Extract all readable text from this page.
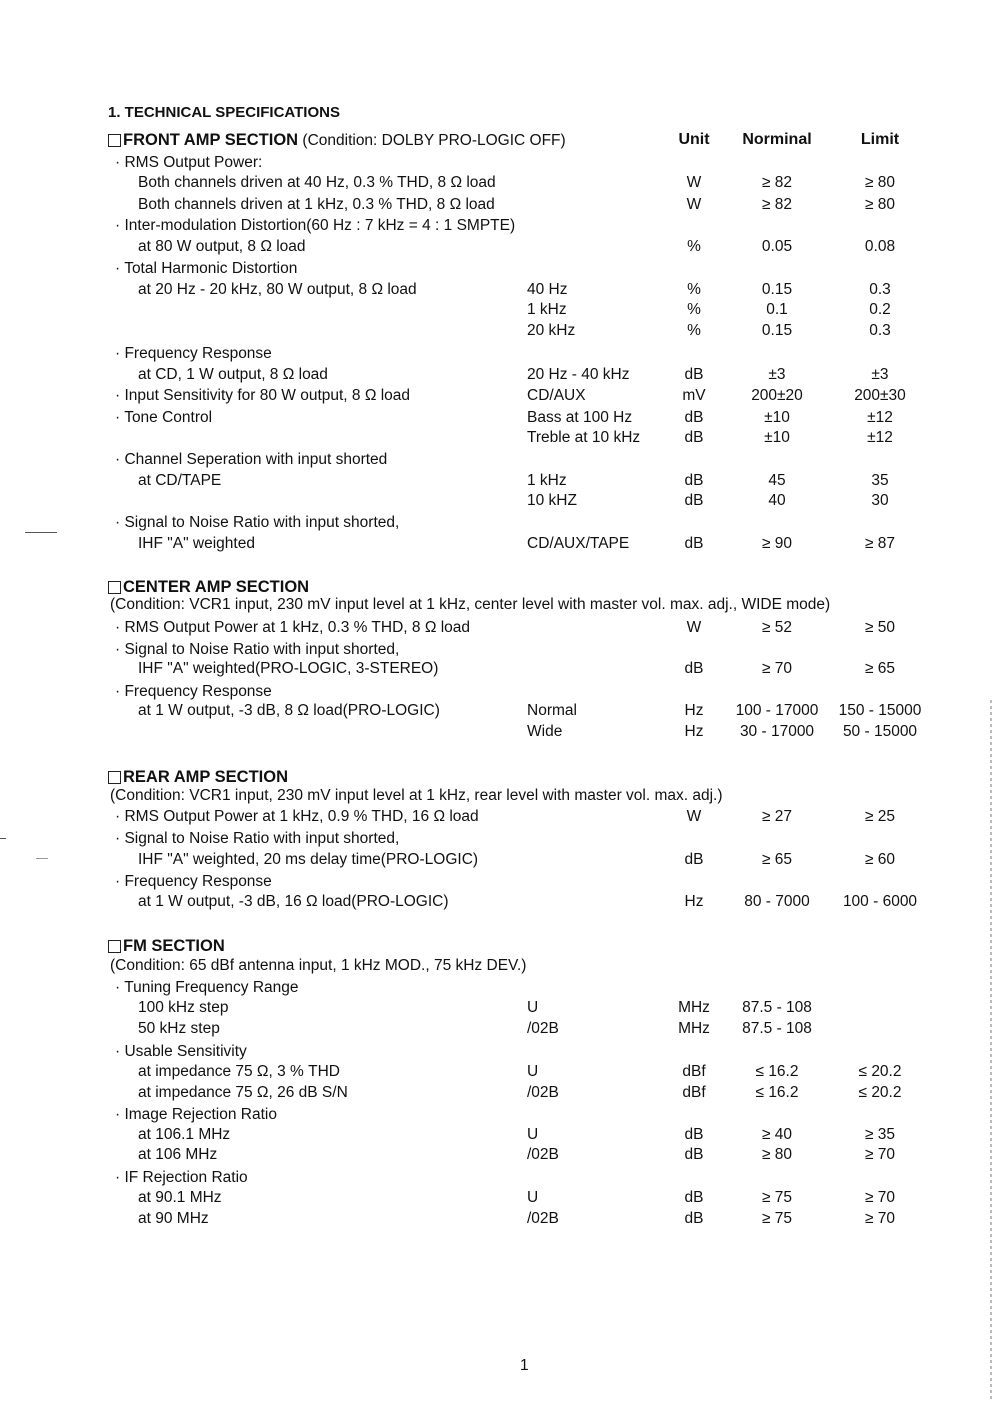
1. TECHNICAL SPECIFICATIONS
FRONT AMP SECTION (Condition: DOLBY PRO-LOGIC OFF)	Unit	Norminal	Limit
· RMS Output Power:
Both channels driven at 40 Hz, 0.3 % THD, 8 Ω load	W	≥ 82	≥ 80
Both channels driven at 1 kHz, 0.3 % THD, 8 Ω load	W	≥ 82	≥ 80
· Inter-modulation Distortion(60 Hz : 7 kHz = 4 : 1 SMPTE)
at 80 W output, 8 Ω load	%	0.05	0.08
· Total Harmonic Distortion
at 20 Hz - 20 kHz, 80 W output, 8 Ω load	40 Hz	%	0.15	0.3
1 kHz	%	0.1	0.2
20 kHz	%	0.15	0.3
· Frequency Response
at CD, 1 W output, 8 Ω load	20 Hz - 40 kHz	dB	±3	±3
· Input Sensitivity for 80 W output, 8 Ω load	CD/AUX	mV	200±20	200±30
· Tone Control	Bass at 100 Hz	dB	±10	±12
Treble at 10 kHz	dB	±10	±12
· Channel Seperation with input shorted
at CD/TAPE	1 kHz	dB	45	35
10 kHZ	dB	40	30
· Signal to Noise Ratio with input shorted,
IHF "A" weighted	CD/AUX/TAPE	dB	≥ 90	≥ 87
CENTER AMP SECTION
(Condition: VCR1 input, 230 mV input level at 1 kHz, center level with master vol. max. adj., WIDE mode)
· RMS Output Power at 1 kHz, 0.3 % THD, 8 Ω load	W	≥ 52	≥ 50
· Signal to Noise Ratio with input shorted,
IHF "A" weighted(PRO-LOGIC, 3-STEREO)	dB	≥ 70	≥ 65
· Frequency Response
at 1 W output, -3 dB, 8 Ω load(PRO-LOGIC)	Normal	Hz	100 - 17000	150 - 15000
Wide	Hz	30 - 17000	50 - 15000
REAR AMP SECTION
(Condition: VCR1 input, 230 mV input level at 1 kHz, rear level with master vol. max. adj.)
· RMS Output Power at 1 kHz, 0.9 % THD, 16 Ω load	W	≥ 27	≥ 25
· Signal to Noise Ratio with input shorted,
IHF "A" weighted, 20 ms delay time(PRO-LOGIC)	dB	≥ 65	≥ 60
· Frequency Response
at 1 W output, -3 dB, 16 Ω load(PRO-LOGIC)	Hz	80 - 7000	100 - 6000
FM SECTION
(Condition: 65 dBf antenna input, 1 kHz MOD., 75 kHz DEV.)
· Tuning Frequency Range
100 kHz step	U	MHz	87.5 - 108
50 kHz step	/02B	MHz	87.5 - 108
· Usable Sensitivity
at impedance 75 Ω, 3 % THD	U	dBf	≤ 16.2	≤ 20.2
at impedance 75 Ω, 26 dB S/N	/02B	dBf	≤ 16.2	≤ 20.2
· Image Rejection Ratio
at 106.1 MHz	U	dB	≥ 40	≥ 35
at 106 MHz	/02B	dB	≥ 80	≥ 70
· IF Rejection Ratio
at 90.1 MHz	U	dB	≥ 75	≥ 70
at 90 MHz	/02B	dB	≥ 75	≥ 70
1
